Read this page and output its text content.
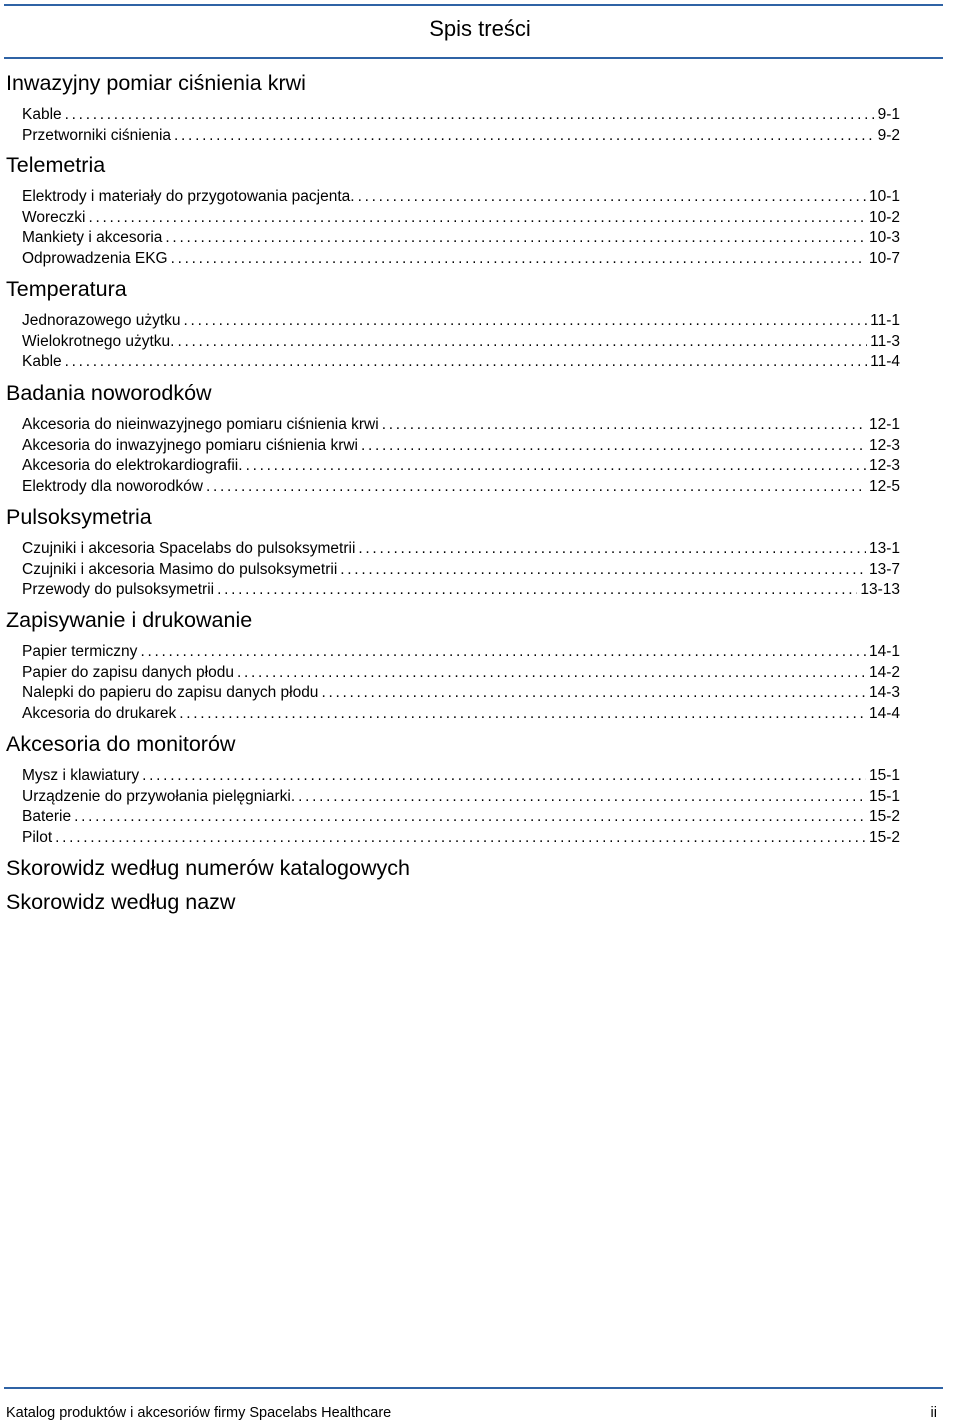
Spis treści
Inwazyjny pomiar ciśnienia krwi
Kable . . .	9-1
Przetworniki ciśnienia . . .	9-2
Telemetria
Elektrody i materiały do przygotowania pacjenta. . . .	10-1
Woreczki . . .	10-2
Mankiety i akcesoria . . .	10-3
Odprowadzenia EKG . . .	10-7
Temperatura
Jednorazowego użytku . . .	11-1
Wielokrotnego użytku. . . .	11-3
Kable . . .	11-4
Badania noworodków
Akcesoria do nieinwazyjnego pomiaru ciśnienia krwi . . .	12-1
Akcesoria do inwazyjnego pomiaru ciśnienia krwi . . .	12-3
Akcesoria do elektrokardiografii. . . .	12-3
Elektrody dla noworodków . . .	12-5
Pulsoksymetria
Czujniki i akcesoria Spacelabs do pulsoksymetrii . . .	13-1
Czujniki i akcesoria Masimo do pulsoksymetrii . . .	13-7
Przewody do pulsoksymetrii . . .	13-13
Zapisywanie i drukowanie
Papier termiczny . . .	14-1
Papier do zapisu danych płodu . . .	14-2
Nalepki do papieru do zapisu danych płodu . . .	14-3
Akcesoria do drukarek . . .	14-4
Akcesoria do monitorów
Mysz i klawiatury . . .	15-1
Urządzenie do przywołania pielęgniarki. . . .	15-1
Baterie . . .	15-2
Pilot . . .	15-2
Skorowidz według numerów katalogowych
Skorowidz według nazw
Katalog produktów i akcesoriów firmy Spacelabs Healthcare	ii
